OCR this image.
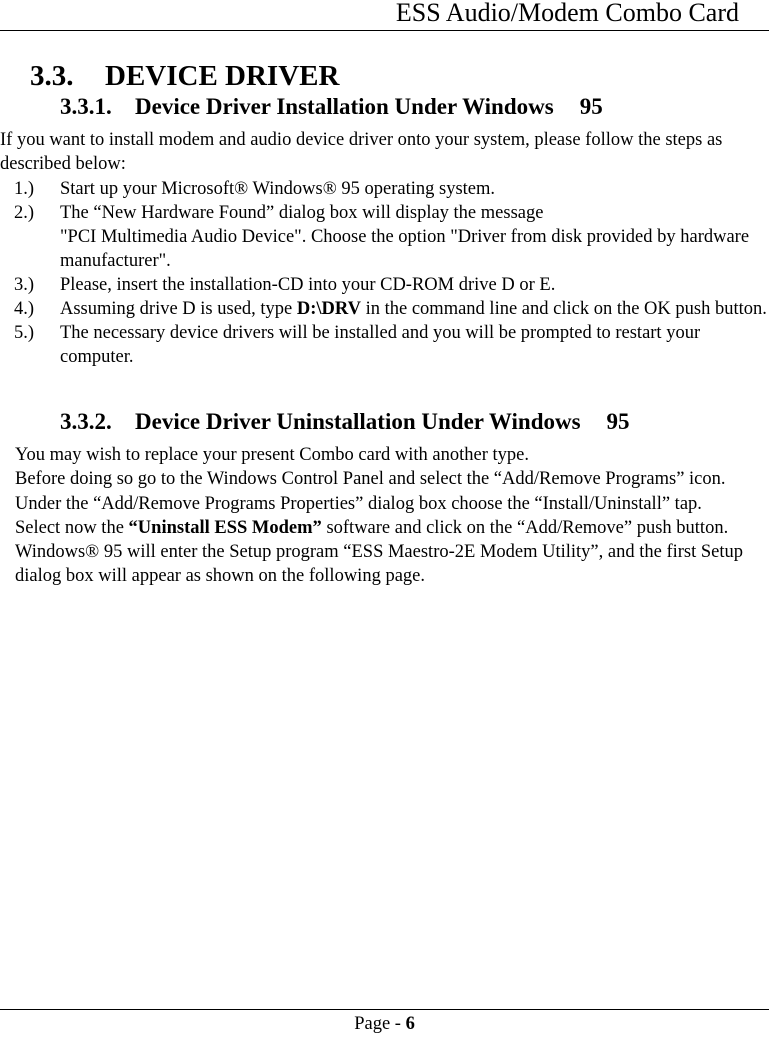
ESS Audio/Modem Combo Card
3.3. DEVICE DRIVER
3.3.1. Device Driver Installation Under Windows 95
If you want to install modem and audio device driver onto your system, please follow the steps as described below:
1.) Start up your Microsoft® Windows® 95 operating system.

2.) The “New Hardware Found” dialog box will display the message

"PCI Multimedia Audio Device". Choose the option "Driver from disk provided by hardware manufacturer".

3.) Please, insert the installation-CD into your CD-ROM drive D or E.

4.) Assuming drive D is used, type D:\DRV in the command line and click on the OK push button.

5.) The necessary device drivers will be installed and you will be prompted to restart your computer.

3.3.2. Device Driver Uninstallation Under Windows 95

You may wish to replace your present Combo card with another type.

Before doing so go to the Windows Control Panel and select the “Add/Remove Programs” icon. Under the “Add/Remove Programs Properties” dialog box choose the “Install/Uninstall” tap.

Select now the “Uninstall ESS Modem” software and click on the “Add/Remove” push button. Windows® 95 will enter the Setup program “ESS Maestro-2E Modem Utility”, and the first Setup dialog box will appear as shown on the following page.

Page - 6
